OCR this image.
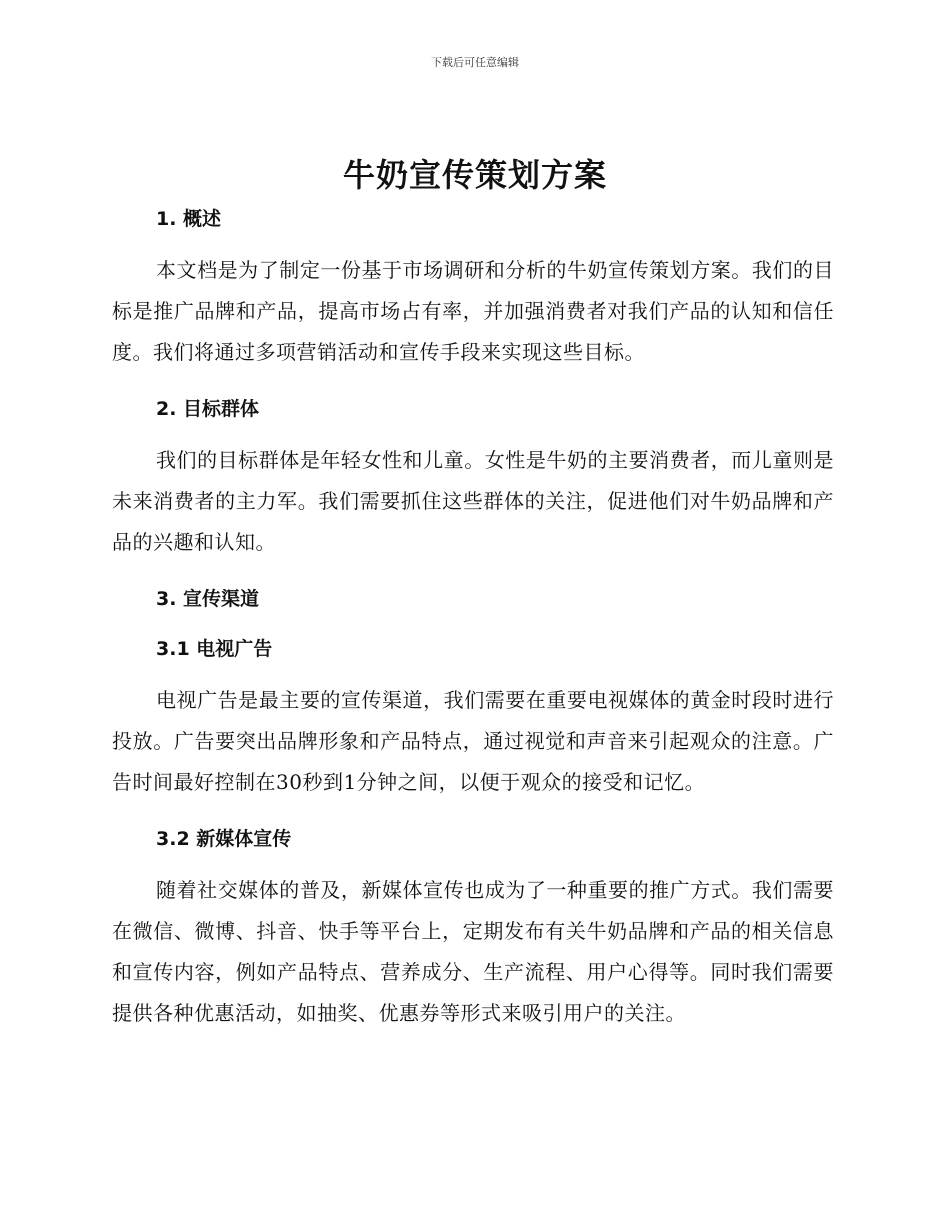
下载后可任意编辑
牛奶宣传策划方案
1. 概述

本文档是为了制定一份基于市场调研和分析的牛奶宣传策划方案。我们的目标是推广品牌和产品，提高市场占有率，并加强消费者对我们产品的认知和信任度。我们将通过多项营销活动和宣传手段来实现这些目标。

2. 目标群体

我们的目标群体是年轻女性和儿童。女性是牛奶的主要消费者，而儿童则是未来消费者的主力军。我们需要抓住这些群体的关注，促进他们对牛奶品牌和产品的兴趣和认知。

3. 宣传渠道
3.1 电视广告

电视广告是最主要的宣传渠道，我们需要在重要电视媒体的黄金时段时进行投放。广告要突出品牌形象和产品特点，通过视觉和声音来引起观众的注意。广告时间最好控制在30秒到1分钟之间，以便于观众的接受和记忆。

3.2 新媒体宣传

随着社交媒体的普及，新媒体宣传也成为了一种重要的推广方式。我们需要在微信、微博、抖音、快手等平台上，定期发布有关牛奶品牌和产品的相关信息和宣传内容，例如产品特点、营养成分、生产流程、用户心得等。同时我们需要提供各种优惠活动，如抽奖、优惠券等形式来吸引用户的关注。
